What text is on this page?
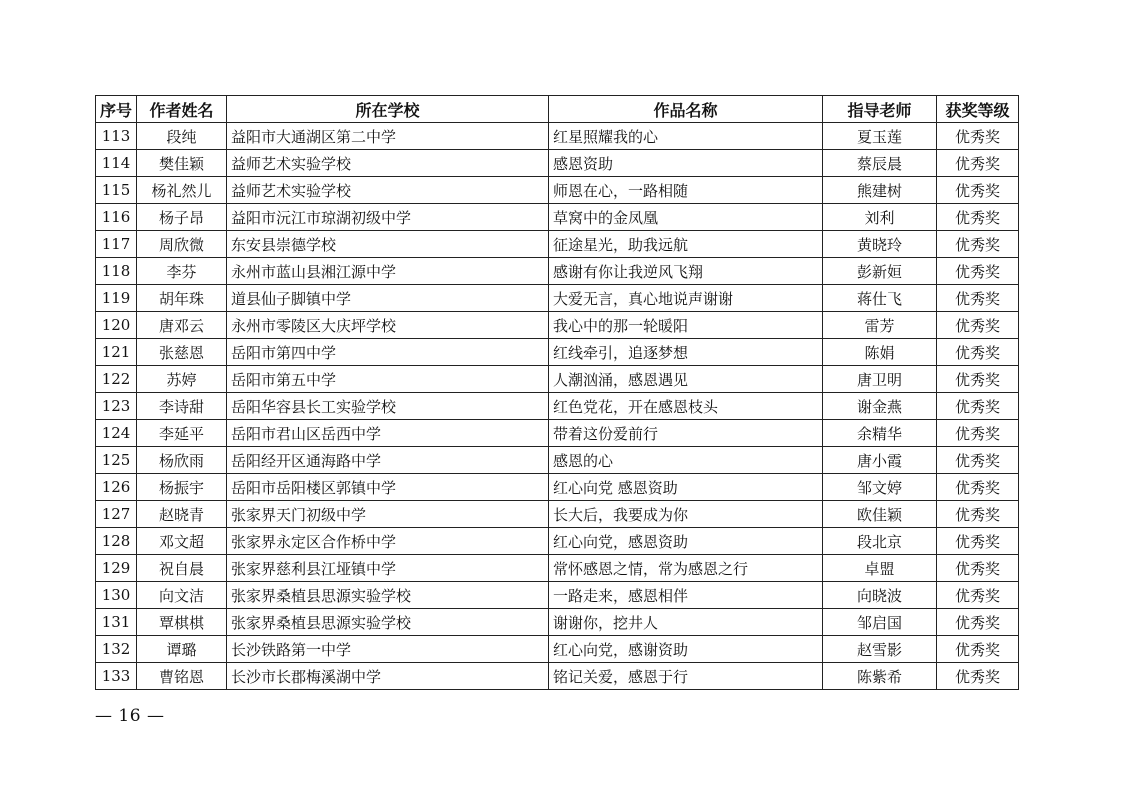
序号	作者姓名	所在学校	作品名称	指导老师	获奖等级
113	段纯	益阳市大通湖区第二中学	红星照耀我的心	夏玉莲	优秀奖
114	樊佳颖	益师艺术实验学校	感恩资助	蔡辰晨	优秀奖
115	杨礼然儿	益师艺术实验学校	师恩在心，一路相随	熊建树	优秀奖
116	杨子昂	益阳市沅江市琼湖初级中学	草窝中的金凤凰	刘利	优秀奖
117	周欣微	东安县崇德学校	征途星光，助我远航	黄晓玲	优秀奖
118	李芬	永州市蓝山县湘江源中学	感谢有你让我逆风飞翔	彭新姮	优秀奖
119	胡年珠	道县仙子脚镇中学	大爱无言，真心地说声谢谢	蒋仕飞	优秀奖
120	唐邓云	永州市零陵区大庆坪学校	我心中的那一轮暖阳	雷芳	优秀奖
121	张慈恩	岳阳市第四中学	红线牵引，追逐梦想	陈娟	优秀奖
122	苏婷	岳阳市第五中学	人潮汹涌，感恩遇见	唐卫明	优秀奖
123	李诗甜	岳阳华容县长工实验学校	红色党花，开在感恩枝头	谢金燕	优秀奖
124	李延平	岳阳市君山区岳西中学	带着这份爱前行	余精华	优秀奖
125	杨欣雨	岳阳经开区通海路中学	感恩的心	唐小霞	优秀奖
126	杨振宇	岳阳市岳阳楼区郭镇中学	红心向党 感恩资助	邹文婷	优秀奖
127	赵晓青	张家界天门初级中学	长大后，我要成为你	欧佳颖	优秀奖
128	邓文超	张家界永定区合作桥中学	红心向党，感恩资助	段北京	优秀奖
129	祝自晨	张家界慈利县江垭镇中学	常怀感恩之情，常为感恩之行	卓盟	优秀奖
130	向文洁	张家界桑植县思源实验学校	一路走来，感恩相伴	向晓波	优秀奖
131	覃棋棋	张家界桑植县思源实验学校	谢谢你，挖井人	邹启国	优秀奖
132	谭璐	长沙铁路第一中学	红心向党，感谢资助	赵雪影	优秀奖
133	曹铭恩	长沙市长郡梅溪湖中学	铭记关爱，感恩于行	陈紫希	优秀奖
— 16 —
